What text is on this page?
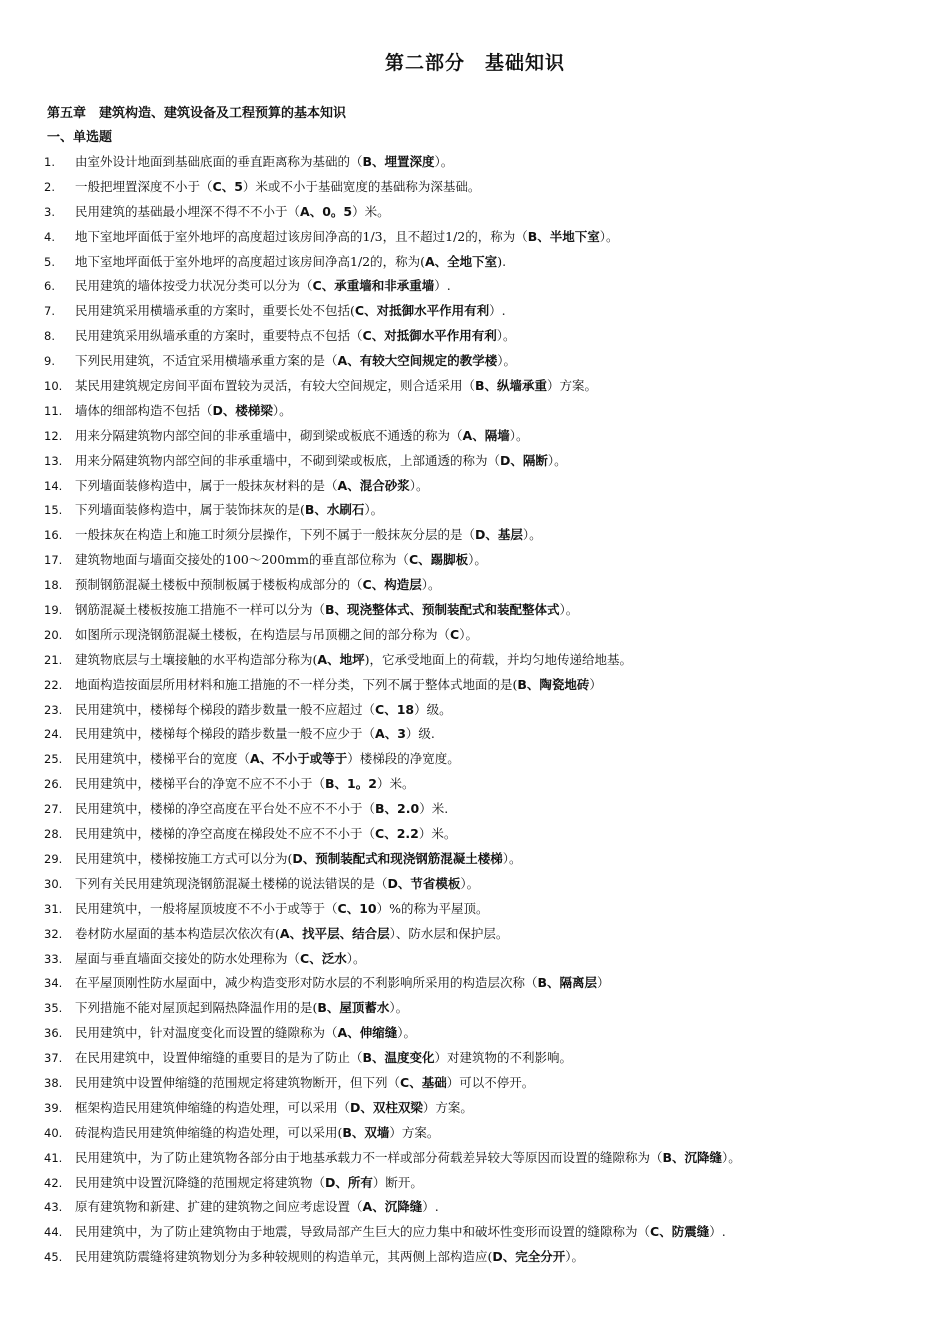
第二部分　基础知识
第五章　建筑构造、建筑设备及工程预算的基本知识
一、单选题
1. 由室外设计地面到基础底面的垂直距离称为基础的（B、埋置深度）。
2. 一般把埋置深度不小于（C、5）米或不小于基础宽度的基础称为深基础。
3. 民用建筑的基础最小埋深不得不不小于（A、0。5）米。
4. 地下室地坪面低于室外地坪的高度超过该房间净高的1/3，且不超过1/2的，称为（B、半地下室）。
5. 地下室地坪面低于室外地坪的高度超过该房间净高1/2的，称为(A、全地下室).
6. 民用建筑的墙体按受力状况分类可以分为（C、承重墙和非承重墙）.
7. 民用建筑采用横墙承重的方案时，重要长处不包括(C、对抵御水平作用有利）.
8. 民用建筑采用纵墙承重的方案时，重要特点不包括（C、对抵御水平作用有利）。
9. 下列民用建筑，不适宜采用横墙承重方案的是（A、有较大空间规定的教学楼）。
10. 某民用建筑规定房间平面布置较为灵活，有较大空间规定，则合适采用（B、纵墙承重）方案。
11. 墙体的细部构造不包括（D、楼梯梁）。
12. 用来分隔建筑物内部空间的非承重墙中，砌到梁或板底不通透的称为（A、隔墙）。
13. 用来分隔建筑物内部空间的非承重墙中，不砌到梁或板底，上部通透的称为（D、隔断）。
14. 下列墙面装修构造中，属于一般抹灰材料的是（A、混合砂浆）。
15. 下列墙面装修构造中，属于装饰抹灰的是(B、水刷石）。
16. 一般抹灰在构造上和施工时须分层操作，下列不属于一般抹灰分层的是（D、基层）。
17. 建筑物地面与墙面交接处的100～200mm的垂直部位称为（C、踢脚板）。
18. 预制钢筋混凝土楼板中预制板属于楼板构成部分的（C、构造层）。
19. 钢筋混凝土楼板按施工措施不一样可以分为（B、现浇整体式、预制装配式和装配整体式）。
20. 如图所示现浇钢筋混凝土楼板，在构造层与吊顶棚之间的部分称为（C）。
21. 建筑物底层与土壤接触的水平构造部分称为(A、地坪)，它承受地面上的荷载，并均匀地传递给地基。
22. 地面构造按面层所用材料和施工措施的不一样分类，下列不属于整体式地面的是(B、陶瓷地砖）
23. 民用建筑中，楼梯每个梯段的踏步数量一般不应超过（C、18）级。
24. 民用建筑中，楼梯每个梯段的踏步数量一般不应少于（A、3）级.
25. 民用建筑中，楼梯平台的宽度（A、不小于或等于）楼梯段的净宽度。
26. 民用建筑中，楼梯平台的净宽不应不不小于（B、1。2）米。
27. 民用建筑中，楼梯的净空高度在平台处不应不不小于（B、2.0）米.
28. 民用建筑中，楼梯的净空高度在梯段处不应不不小于（C、2.2）米。
29. 民用建筑中，楼梯按施工方式可以分为(D、预制装配式和现浇钢筋混凝土楼梯）。
30. 下列有关民用建筑现浇钢筋混凝土楼梯的说法错误的是（D、节省模板）。
31. 民用建筑中，一般将屋顶坡度不不小于或等于（C、10）%的称为平屋顶。
32. 卷材防水屋面的基本构造层次依次有(A、找平层、结合层）、防水层和保护层。
33. 屋面与垂直墙面交接处的防水处理称为（C、泛水）。
34. 在平屋顶刚性防水屋面中，减少构造变形对防水层的不利影响所采用的构造层次称（B、隔离层）
35. 下列措施不能对屋顶起到隔热降温作用的是(B、屋顶蓄水）。
36. 民用建筑中，针对温度变化而设置的缝隙称为（A、伸缩缝）。
37. 在民用建筑中，设置伸缩缝的重要目的是为了防止（B、温度变化）对建筑物的不利影响。
38. 民用建筑中设置伸缩缝的范围规定将建筑物断开，但下列（C、基础）可以不停开。
39. 框架构造民用建筑伸缩缝的构造处理，可以采用（D、双柱双梁）方案。
40. 砖混构造民用建筑伸缩缝的构造处理，可以采用(B、双墙）方案。
41. 民用建筑中，为了防止建筑物各部分由于地基承载力不一样或部分荷载差异较大等原因而设置的缝隙称为（B、沉降缝）。
42. 民用建筑中设置沉降缝的范围规定将建筑物（D、所有）断开。
43. 原有建筑物和新建、扩建的建筑物之间应考虑设置（A、沉降缝）.
44. 民用建筑中，为了防止建筑物由于地震，导致局部产生巨大的应力集中和破坏性变形而设置的缝隙称为（C、防震缝）.
45. 民用建筑防震缝将建筑物划分为多种较规则的构造单元，其两侧上部构造应(D、完全分开）。
